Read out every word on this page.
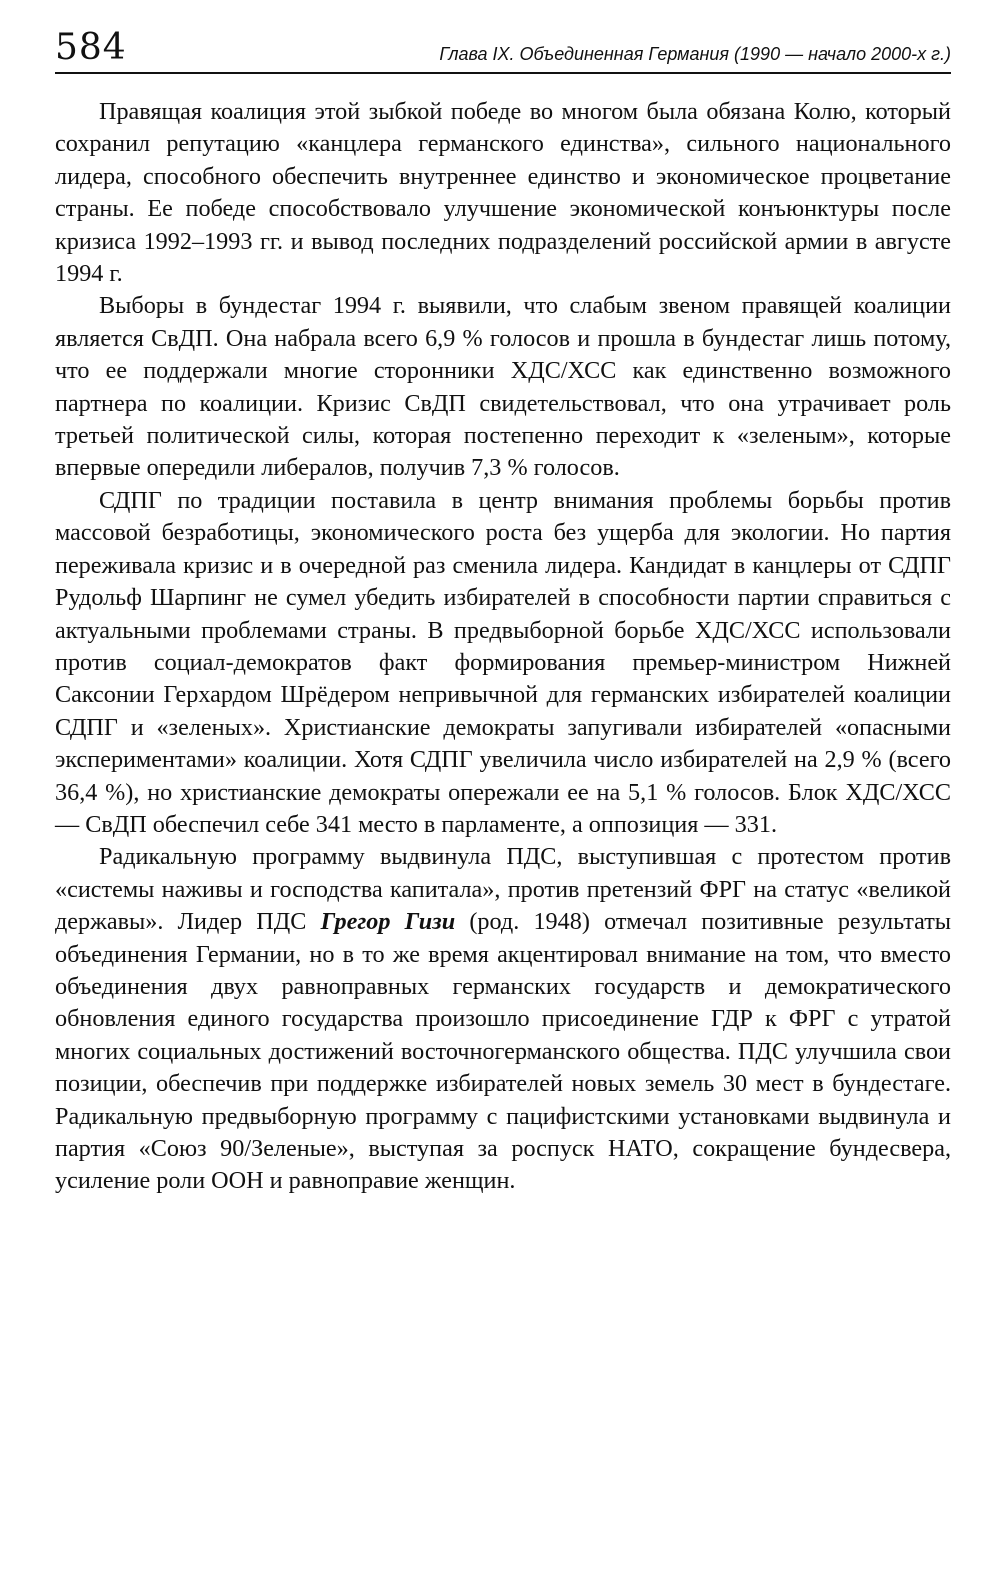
584	Глава IX. Объединенная Германия (1990 — начало 2000-х г.)

Правящая коалиция этой зыбкой победе во многом была обязана Колю, который сохранил репутацию «канцлера германского единства», сильного национального лидера, способного обеспечить внутреннее единство и экономическое процветание страны. Ее победе способствовало улучшение экономической конъюнктуры после кризиса 1992–1993 гг. и вывод последних подразделений российской армии в августе 1994 г.

Выборы в бундестаг 1994 г. выявили, что слабым звеном правящей коалиции является СвДП. Она набрала всего 6,9 % голосов и прошла в бундестаг лишь потому, что ее поддержали многие сторонники ХДС/ХСС как единственно возможного партнера по коалиции. Кризис СвДП свидетельствовал, что она утрачивает роль третьей политической силы, которая постепенно переходит к «зеленым», которые впервые опередили либералов, получив 7,3 % голосов.

СДПГ по традиции поставила в центр внимания проблемы борьбы против массовой безработицы, экономического роста без ущерба для экологии. Но партия переживала кризис и в очередной раз сменила лидера. Кандидат в канцлеры от СДПГ Рудольф Шарпинг не сумел убедить избирателей в способности партии справиться с актуальными проблемами страны. В предвыборной борьбе ХДС/ХСС использовали против социал-демократов факт формирования премьер-министром Нижней Саксонии Герхардом Шрёдером непривычной для германских избирателей коалиции СДПГ и «зеленых». Христианские демократы запугивали избирателей «опасными экспериментами» коалиции. Хотя СДПГ увеличила число избирателей на 2,9 % (всего 36,4 %), но христианские демократы опережали ее на 5,1 % голосов. Блок ХДС/ХСС — СвДП обеспечил себе 341 место в парламенте, а оппозиция — 331.

Радикальную программу выдвинула ПДС, выступившая с протестом против «системы наживы и господства капитала», против претензий ФРГ на статус «великой державы». Лидер ПДС Грегор Гизи (род. 1948) отмечал позитивные результаты объединения Германии, но в то же время акцентировал внимание на том, что вместо объединения двух равноправных германских государств и демократического обновления единого государства произошло присоединение ГДР к ФРГ с утратой многих социальных достижений восточногерманского общества. ПДС улучшила свои позиции, обеспечив при поддержке избирателей новых земель 30 мест в бундестаге. Радикальную предвыборную программу с пацифистскими установками выдвинула и партия «Союз 90/Зеленые», выступая за роспуск НАТО, сокращение бундесвера, усиление роли ООН и равноправие женщин.
